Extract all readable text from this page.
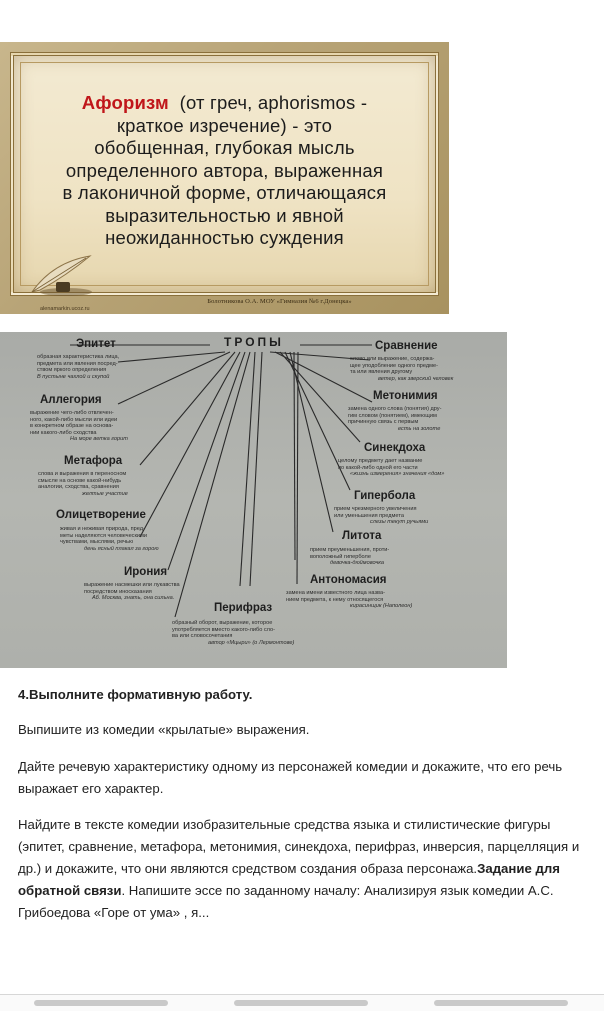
Афоризм (от греч, aphorismos -
краткое изречение) - это
обобщенная, глубокая мысль
определенного автора, выраженная
в лаконичной форме, отличающаяся
выразительностью и явной
неожиданностью суждения
Болотникова О.А. МОУ «Гимназия №6 г.Донецка»
alenamarkin.ucoz.ru
ТРОПЫ
Эпитет
образная характеристика лица,
предмета или явления посред-
ством яркого определения
В пустыне чахлой и скупой
Аллегория
выражение чего-либо отвлечен-
ного, какой-либо мысли или идеи
в конкретном образе на основа-
нии какого-либо сходства
На море ветка горит
Метафора
слова и выражения в переносном
смысле на основе какой-нибудь
аналогии, сходства, сравнения
желтые участие
Олицетворение
живая и неживая природа, пред-
меты наделяются человеческими
чувствами, мыслями, речью
день ясный плакал за горою
Ирония
выражение насмешки или лукавства
посредством иносказания
Аб. Москва, знать, она сильна.
Перифраз
образный оборот, выражение, которое
употребляется вместо какого-либо сло-
ва или словосочетания
автор «Мцыри» (о Лермонтове)
Сравнение
слово или выражение, содержа-
щее уподобление одного предме-
та или явления другому
ветер, как зверский человек
Метонимия
замена одного слова (понятия) дру-
гим словом (понятием), имеющим
причинную связь с первым
есть на золоте
Синекдоха
целому предмету дает название
по какой-либо одной его части
«жизнь измерения» значения «дом»
Гипербола
прием чрезмерного увеличения
или уменьшения предмета
слезы текут ручьями
Литота
прием преуменьшения, проти-
воположный гиперболе
девочка-дюймовочка
Антономасия
замена имени известного лица назва-
нием предмета, к нему относящегося
кирасинщик (Наполеон)
4.Выполните формативную работу.
Выпишите из комедии «крылатые» выражения.
Дайте речевую характеристику одному из персонажей комедии и докажите, что его речь выражает его характер.
Найдите в тексте комедии изобразительные средства языка и стилистические фигуры (эпитет, сравнение, метафора, метонимия, синекдоха, перифраз, инверсия, парцелляция и др.) и докажите, что они являются средством создания образа персонажа.Задание для обратной связи. Напишите эссе по заданному началу: Анализируя язык комедии А.С. Грибоедова «Горе от ума» , я...
